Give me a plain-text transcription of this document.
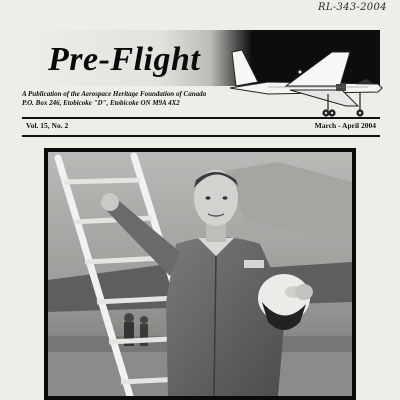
RL-343-2004
Pre-Flight
A Publication of the Aerospace Heritage Foundation of Canada
P.O. Box 246, Etobicoke "D", Etobicoke ON M9A 4X2
Vol. 15, No. 2	March - April 2004
